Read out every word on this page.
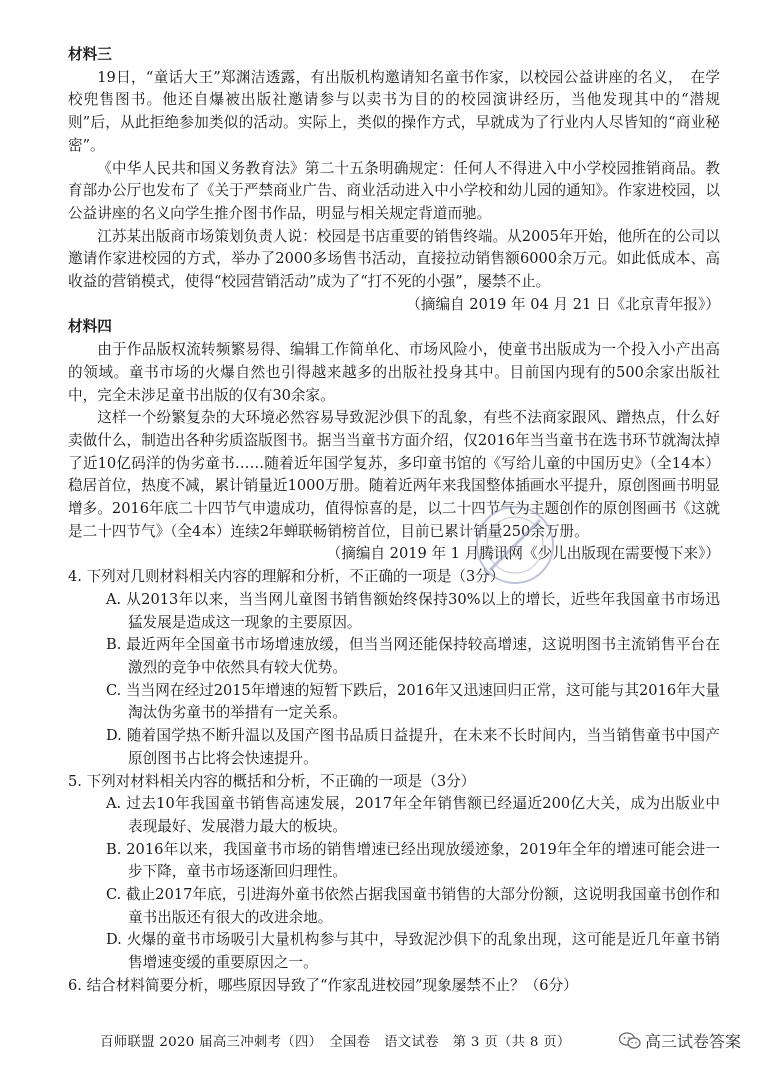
材料三

19日，“童话大王”郑渊洁透露，有出版机构邀请知名童书作家，以校园公益讲座的名义，　在学校兜售图书。他还自爆被出版社邀请参与以卖书为目的的校园演讲经历，当他发现其中的“潜规则”后，从此拒绝参加类似的活动。实际上，类似的操作方式，早就成为了行业内人尽皆知的“商业秘密”。

《中华人民共和国义务教育法》第二十五条明确规定：任何人不得进入中小学校园推销商品。教育部办公厅也发布了《关于严禁商业广告、商业活动进入中小学校和幼儿园的通知》。作家进校园，以公益讲座的名义向学生推介图书作品，明显与相关规定背道而驰。

江苏某出版商市场策划负责人说：校园是书店重要的销售终端。从2005年开始，他所在的公司以邀请作家进校园的方式，举办了2000多场售书活动，直接拉动销售额6000余万元。如此低成本、高收益的营销模式，使得“校园营销活动”成为了“打不死的小强”，屡禁不止。

（摘编自 2019 年 04 月 21 日《北京青年报》）

材料四

由于作品版权流转频繁易得、编辑工作简单化、市场风险小，使童书出版成为一个投入小产出高的领域。童书市场的火爆自然也引得越来越多的出版社投身其中。目前国内现有的500余家出版社中，完全未涉足童书出版的仅有30余家。

这样一个纷繁复杂的大环境必然容易导致泥沙俱下的乱象，有些不法商家跟风、蹭热点，什么好卖做什么，制造出各种劣质盗版图书。据当当童书方面介绍，仅2016年当当童书在选书环节就淘汰掉了近10亿码洋的伪劣童书……随着近年国学复苏，多印童书馆的《写给儿童的中国历史》（全14本）稳居首位，热度不减，累计销量近1000万册。随着近两年来我国整体插画水平提升，原创图画书明显增多。2016年底二十四节气申遗成功，值得惊喜的是，以二十四节气为主题创作的原创图画书《这就是二十四节气》（全4本）连续2年蝉联畅销榜首位，目前已累计销量250余万册。

（摘编自 2019 年 1 月腾讯网《少儿出版现在需要慢下来》）

4. 下列对几则材料相关内容的理解和分析，不正确的一项是（3分）

A. 从2013年以来，当当网儿童图书销售额始终保持30%以上的增长，近些年我国童书市场迅猛发展是造成这一现象的主要原因。

B. 最近两年全国童书市场增速放缓，但当当网还能保持较高增速，这说明图书主流销售平台在激烈的竞争中依然具有较大优势。

C. 当当网在经过2015年增速的短暂下跌后，2016年又迅速回归正常，这可能与其2016年大量淘汰伪劣童书的举措有一定关系。

D. 随着国学热不断升温以及国产图书品质日益提升，在未来不长时间内，当当销售童书中国产原创图书占比将会快速提升。

5. 下列对材料相关内容的概括和分析，不正确的一项是（3分）

A. 过去10年我国童书销售高速发展，2017年全年销售额已经逼近200亿大关，成为出版业中表现最好、发展潜力最大的板块。

B. 2016年以来，我国童书市场的销售增速已经出现放缓迹象，2019年全年的增速可能会进一步下降，童书市场逐渐回归理性。

C. 截止2017年底，引进海外童书依然占据我国童书销售的大部分份额，这说明我国童书创作和童书出版还有很大的改进余地。

D. 火爆的童书市场吸引大量机构参与其中，导致泥沙俱下的乱象出现，这可能是近几年童书销售增速变缓的重要原因之一。

6. 结合材料简要分析，哪些原因导致了“作家乱进校园”现象屡禁不止？（6分）

百师联盟 2020 届高三冲刺考（四）　全国卷　语文试卷　第 3 页（共 8 页）	高三试卷答案
